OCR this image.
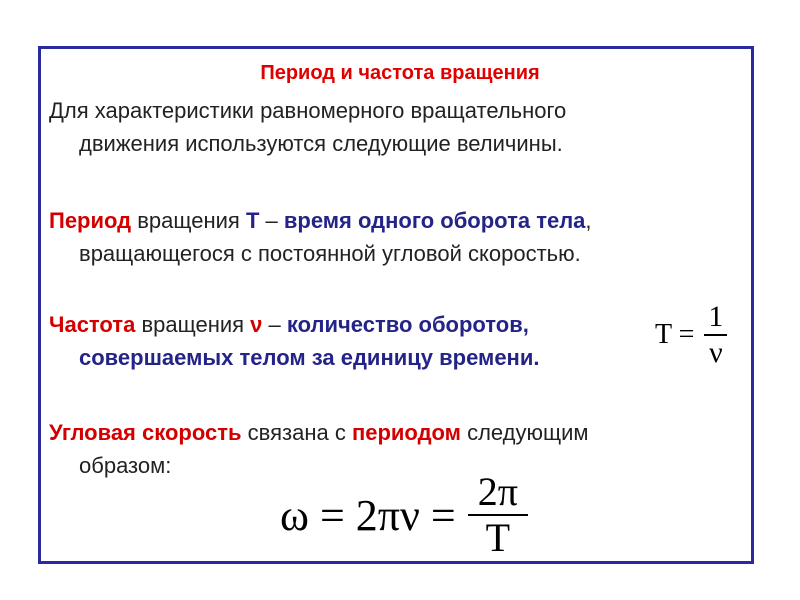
Период и частота вращения
Для характеристики равномерного вращательного
движения используются следующие величины.
Период вращения T – время одного оборота тела,
вращающегося с постоянной угловой скоростью.
Частота вращения ν – количество оборотов,
совершаемых телом за единицу времени.
Угловая скорость связана с периодом следующим
образом:
$T = \frac{1}{\nu}$
$\omega = 2\pi\nu = \frac{2\pi}{T}$
